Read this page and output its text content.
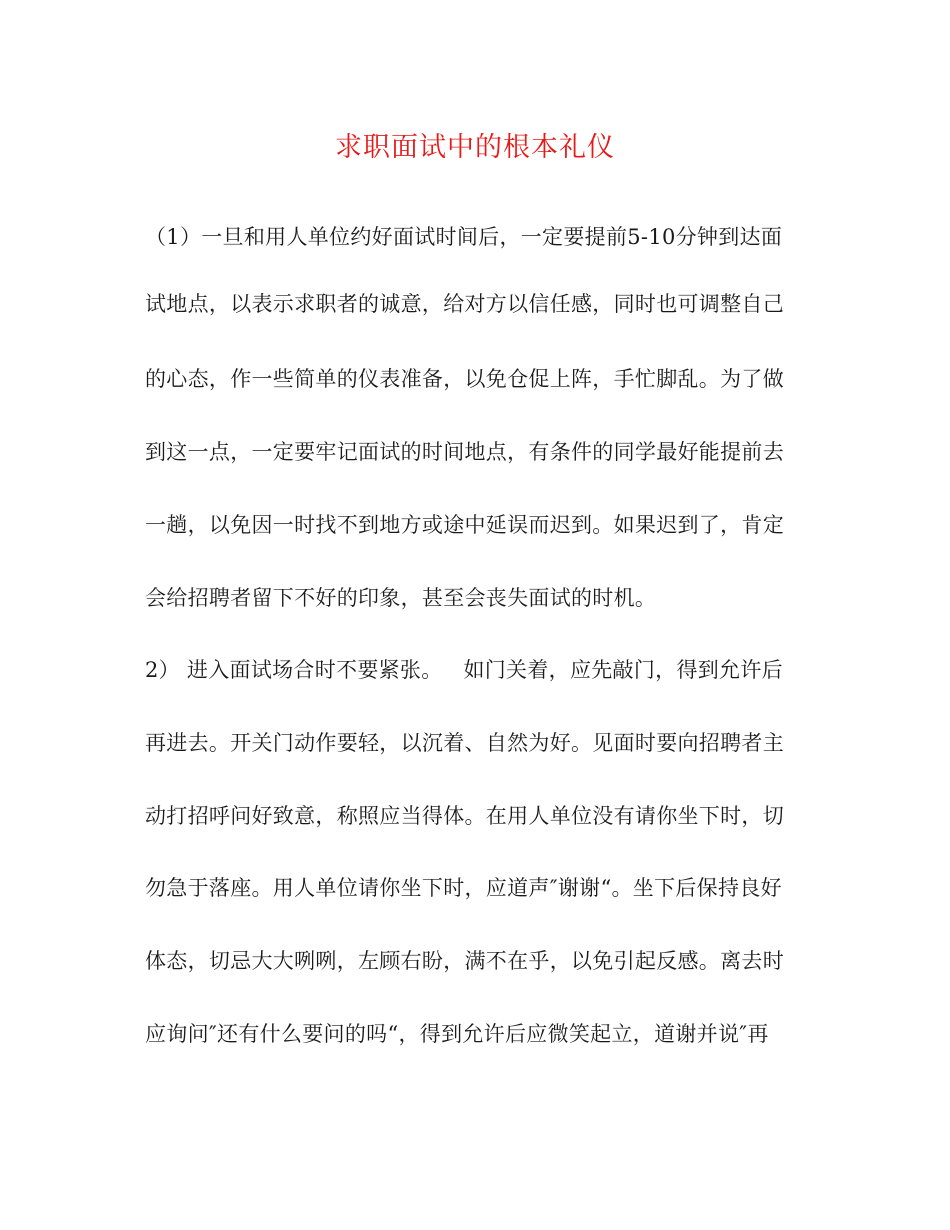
求职面试中的根本礼仪
（1）一旦和用人单位约好面试时间后，一定要提前5-10分钟到达面
试地点，以表示求职者的诚意，给对方以信任感，同时也可调整自己
的心态，作一些简单的仪表准备，以免仓促上阵，手忙脚乱。为了做
到这一点，一定要牢记面试的时间地点，有条件的同学最好能提前去
一趟，以免因一时找不到地方或途中延误而迟到。如果迟到了，肯定
会给招聘者留下不好的印象，甚至会丧失面试的时机。
2） 进入面试场合时不要紧张。   如门关着，应先敲门，得到允许后
再进去。开关门动作要轻，以沉着、自然为好。见面时要向招聘者主
动打招呼问好致意，称照应当得体。在用人单位没有请你坐下时，切
勿急于落座。用人单位请你坐下时，应道声″谢谢“。坐下后保持良好
体态，切忌大大咧咧，左顾右盼，满不在乎，以免引起反感。离去时
应询问″还有什么要问的吗“，得到允许后应微笑起立，道谢并说″再
